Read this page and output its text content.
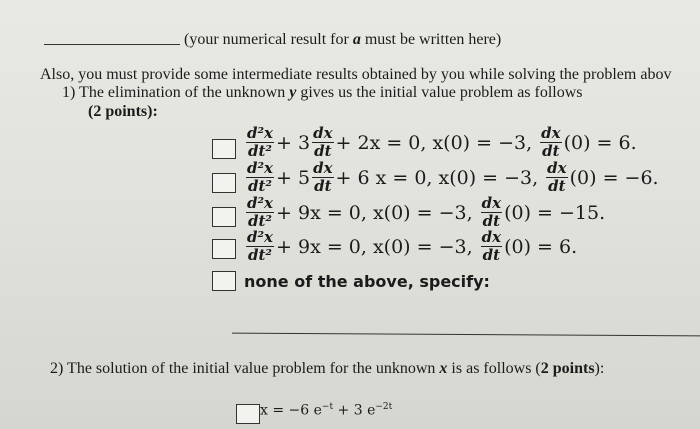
(your numerical result for a must be written here)
Also, you must provide some intermediate results obtained by you while solving the problem abov
1) The elimination of the unknown y gives us the initial value problem as follows
(2 points):
$\frac{\text{d²x}}{\text{dt²}} + 3 \frac{dx}{dt} + 2x = 0$, x(0) = −3, $\frac{dx}{dt} (0) = 6$.
$\frac{\text{d²x}}{\text{dt²}} + 5 \frac{dx}{dt} + 6$ x = 0, x(0) = −3, $\frac{dx}{dt} (0) = -6$.
$\frac{\text{d²x}}{\text{dt²}} + 9x = 0$, x(0) = −3, $\frac{dx}{dt} (0) = -15$.
$\frac{\text{d²x}}{\text{dt²}} + 9x = 0$, x(0) = −3, $\frac{dx}{dt} (0) = 6$.
none of the above, specify:
2) The solution of the initial value problem for the unknown x is as follows (2 points):
x = −6 $e^{-t} + 3$ $e^{-2t}$
